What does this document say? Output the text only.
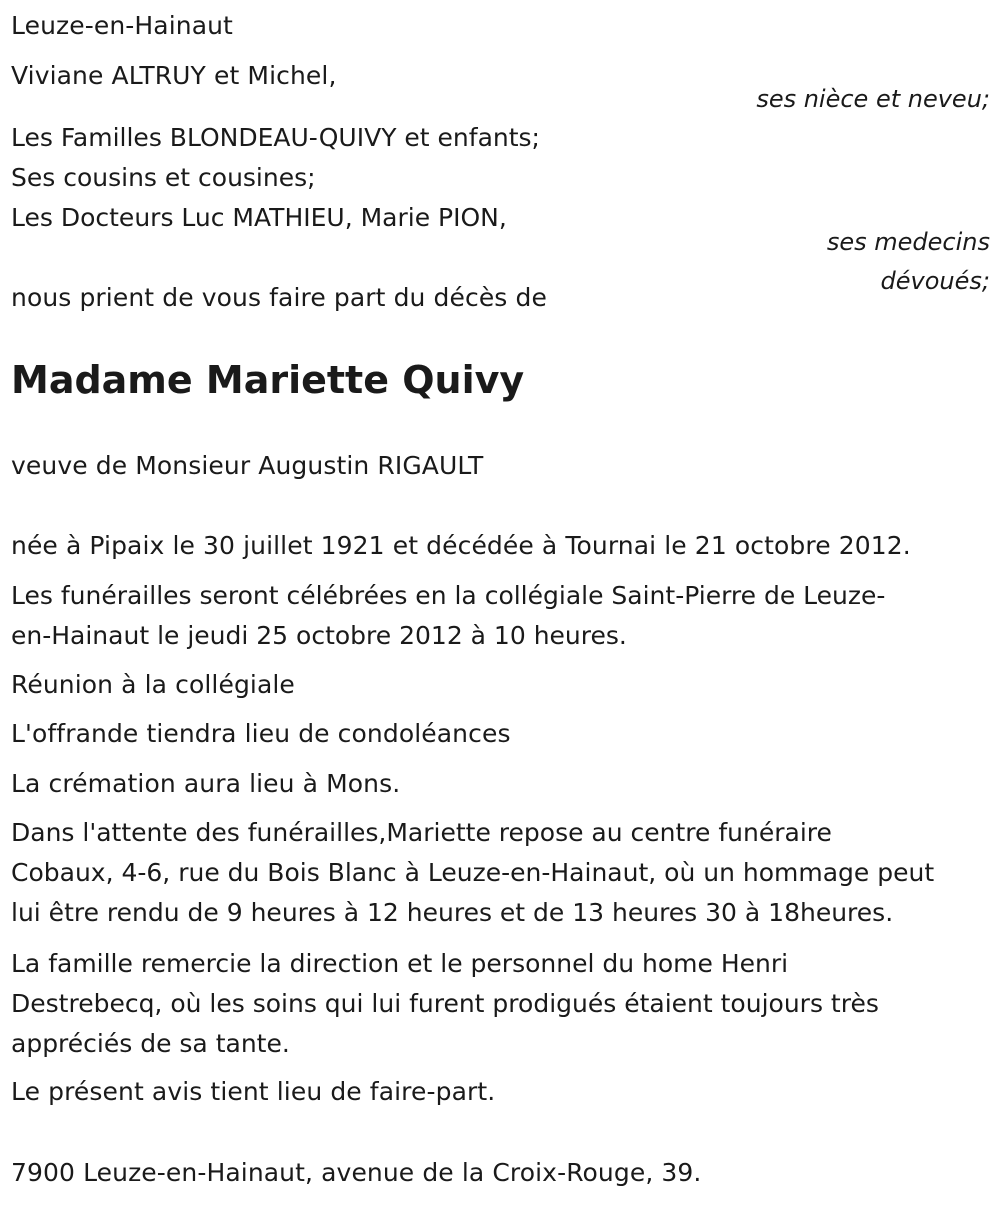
Leuze-en-Hainaut
Viviane ALTRUY et Michel,
ses nièce et neveu;
Les Familles BLONDEAU-QUIVY et enfants;
Ses cousins et cousines;
Les Docteurs Luc MATHIEU, Marie PION,
ses medecins
dévoués;
nous prient de vous faire part du décès de
Madame Mariette Quivy
veuve de Monsieur Augustin RIGAULT
née à Pipaix le 30 juillet 1921 et décédée à Tournai le 21 octobre 2012.
Les funérailles seront célébrées en la collégiale Saint-Pierre de Leuze-
en-Hainaut le jeudi 25 octobre 2012 à 10 heures.
Réunion à la collégiale
L'offrande tiendra lieu de condoléances
La crémation aura lieu à Mons.
Dans l'attente des funérailles,Mariette repose au centre funéraire
Cobaux, 4-6, rue du Bois Blanc à Leuze-en-Hainaut, où un hommage peut
lui être rendu de 9 heures à 12 heures et de 13 heures 30 à 18heures.
La famille remercie la direction et le personnel du home Henri
Destrebecq, où les soins qui lui furent prodigués étaient toujours très
appréciés de sa tante.
Le présent avis tient lieu de faire-part.
7900 Leuze-en-Hainaut, avenue de la Croix-Rouge, 39.
